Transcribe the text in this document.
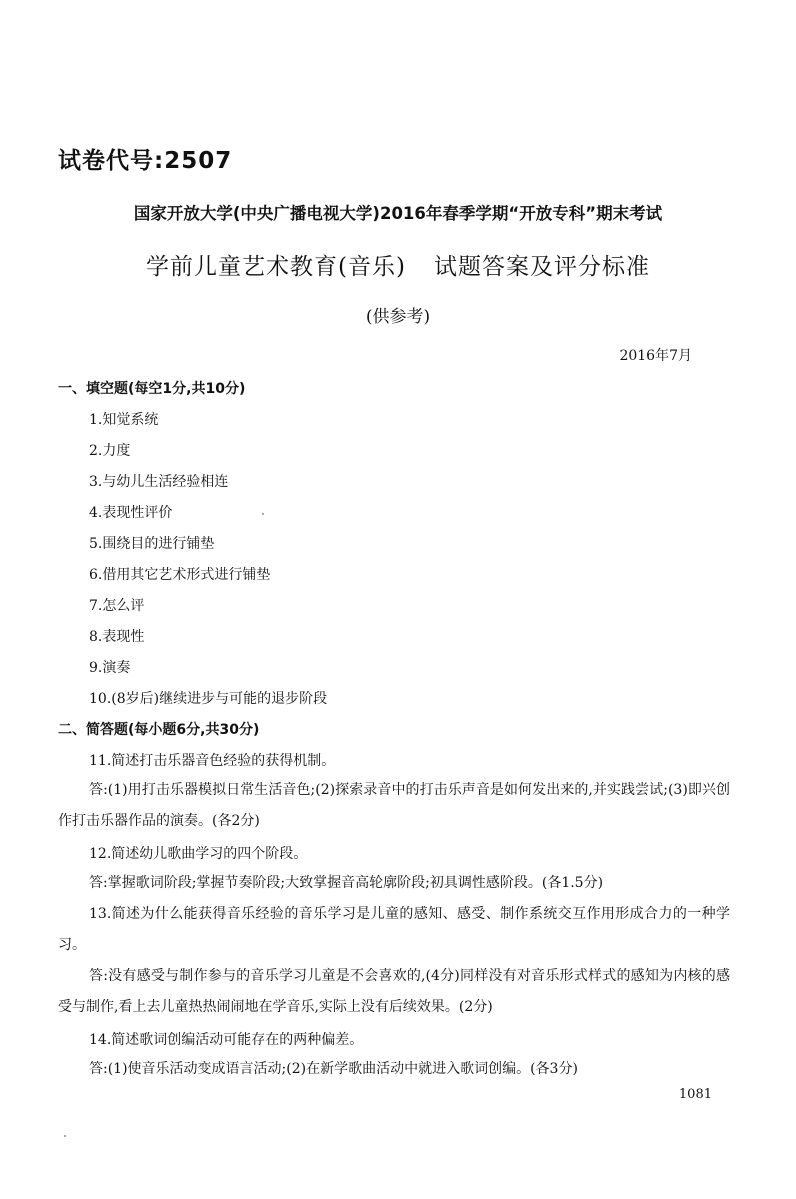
试卷代号:2507
国家开放大学(中央广播电视大学)2016年春季学期“开放专科”期末考试
学前儿童艺术教育(音乐) 试题答案及评分标准
(供参考)
2016年7月
一、填空题(每空1分,共10分)
1.知觉系统
2.力度
3.与幼儿生活经验相连
4.表现性评价
5.围绕目的进行铺垫
6.借用其它艺术形式进行铺垫
7.怎么评
8.表现性
9.演奏
10.(8岁后)继续进步与可能的退步阶段
二、简答题(每小题6分,共30分)
11.简述打击乐器音色经验的获得机制。
答:(1)用打击乐器模拟日常生活音色;(2)探索录音中的打击乐声音是如何发出来的,并实践尝试;(3)即兴创作打击乐器作品的演奏。(各2分)
12.简述幼儿歌曲学习的四个阶段。
答:掌握歌词阶段;掌握节奏阶段;大致掌握音高轮廓阶段;初具调性感阶段。(各1.5分)
13.简述为什么能获得音乐经验的音乐学习是儿童的感知、感受、制作系统交互作用形成合力的一种学习。
答:没有感受与制作参与的音乐学习儿童是不会喜欢的,(4分)同样没有对音乐形式样式的感知为内核的感受与制作,看上去儿童热热闹闹地在学音乐,实际上没有后续效果。(2分)
14.简述歌词创编活动可能存在的两种偏差。
答:(1)使音乐活动变成语言活动;(2)在新学歌曲活动中就进入歌词创编。(各3分)
1081
